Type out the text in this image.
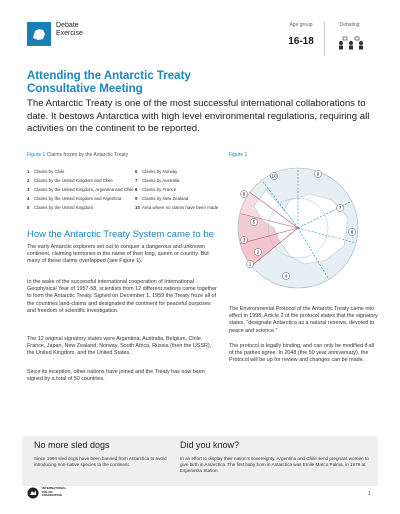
Debate
Exercise
Age group
16-18
Debating
Attending the Antarctic Treaty
Consultative Meeting
The Antarctic Treaty is one of the most successful international collaborations to date. It bestows Antarctica with high level environmental regulations, requiring all activities on the continent to be reported.
Figure 1 Claims frozen by the Antarctic Treaty	Figure 1
1 Claims by Chile
2 Claims by the United Kingdom and Chile
3 Claims by the United Kingdom, Argentina and Chile
4 Claims by the United Kingdom and Argentina
5 Claims by the United Kingdom
6 Claims by Norway
7 Claims by Australia
8 Claims by France
9 Claims by New Zealand
10 Area where no claims have been made
10	9
6
7
8
5
3
2
1
4
How the Antarctic Treaty System came to be
The early Antarctic explorers set out to conquer a dangerous and unknown continent, claiming territories in the name of their king, queen or country. But many of these claims overlapped (see Figure 1).
In the wake of the successful international cooperation of International Geophysical Year of 1957-58, scientists from 12 different nations came together to form the Antarctic Treaty. Signed on December 1, 1959 the Treaty froze all of the countries land-claims and designated the continent for peaceful purposes and freedom of scientific investigation.
The 12 original signatory states were Argentina, Australia, Belgium, Chile, France, Japan, New Zealand, Norway, South Africa, Russia (then the USSR), the United Kingdom, and the United States.
Since its inception, other nations have joined and the Treaty has now been signed by a total of 50 countries.
The Environmental Protocol of the Antarctic Treaty came into effect in 1998. Article 2 of the protocol states that the signatory states, "designate Antarctica as a natural reserve, devoted to peace and science."
The protocol is legally binding, and can only be modified if all of the parties agree. In 2048 (the 50 year anniversary), the Protocol will be up for review and changes can be made.
No more sled dogs
Since 1994 sled dogs have been banned from Antarctica to avoid introducing non-native species to the continent.
Did you know?
In an effort to display their nation's sovereignty, Argentina and Chile send pregnant women to give birth in Antarctica. The first baby born in Antarctica was Emile Marco Palma, in 1979 at Esperanza Station.
INTERNATIONAL
POLAR
FOUNDATION	1
